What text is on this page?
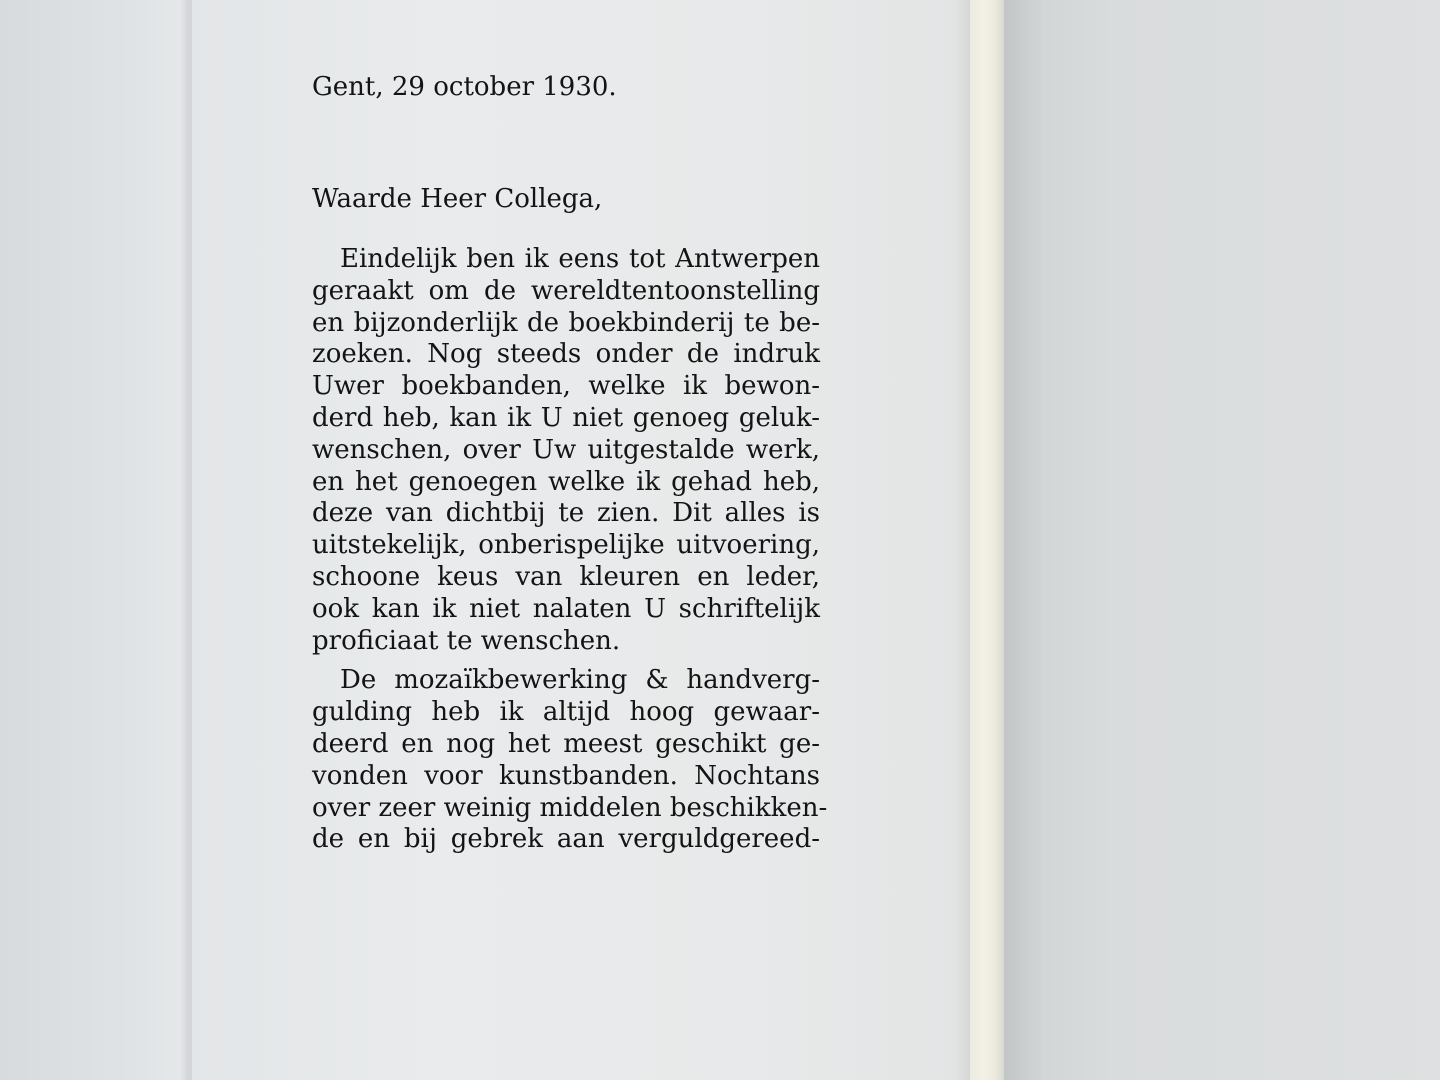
Gent, 29 october 1930.

Waarde Heer Collega,

Eindelijk ben ik eens tot Antwerpen
geraakt om de wereldtentoonstelling
en bijzonderlijk de boekbinderij te be-
zoeken. Nog steeds onder de indruk
Uwer boekbanden, welke ik bewon-
derd heb, kan ik U niet genoeg geluk-
wenschen, over Uw uitgestalde werk,
en het genoegen welke ik gehad heb,
deze van dichtbij te zien. Dit alles is
uitstekelijk, onberispelijke uitvoering,
schoone keus van kleuren en leder,
ook kan ik niet nalaten U schriftelijk
proficiaat te wenschen.
De mozaïkbewerking & handverg-
gulding heb ik altijd hoog gewaar-
deerd en nog het meest geschikt ge-
vonden voor kunstbanden. Nochtans
over zeer weinig middelen beschikken-
de en bij gebrek aan verguldgereed-
